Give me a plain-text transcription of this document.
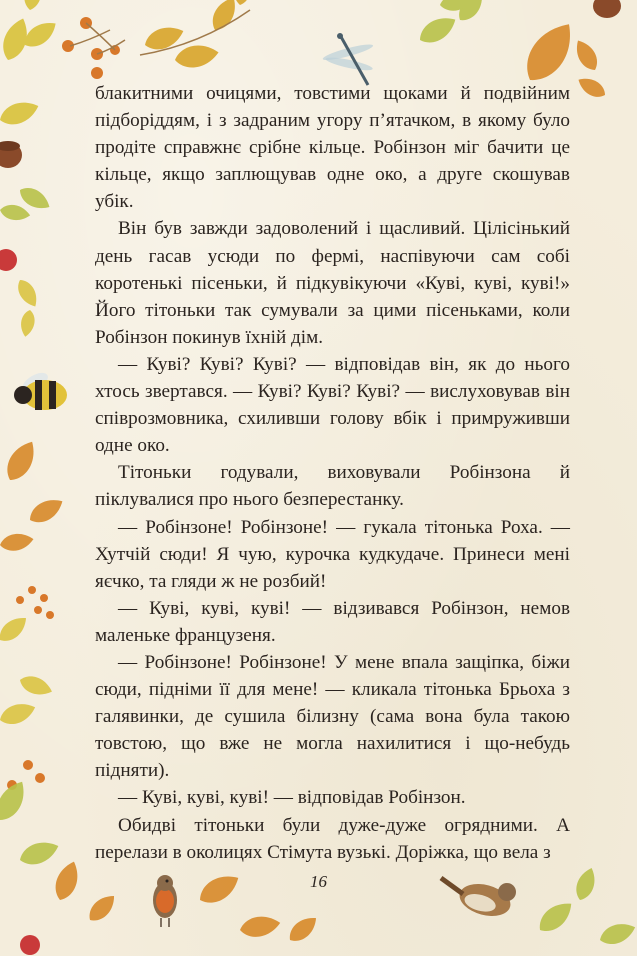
блакитними очицями, товстими щоками й подвійним підборіддям, і з задраним угору п’ятачком, в якому було продіте справжнє срібне кільце. Робінзон міг бачити це кільце, якщо заплющував одне око, а друге скошував убік.

Він був завжди задоволений і щасливий. Цілісінький день гасав усюди по фермі, наспівуючи сам собі коротенькі пісеньки, й підкувікуючи «Куві, куві, куві!» Його тітоньки так сумували за цими пісеньками, коли Робінзон покинув їхній дім.

— Куві? Куві? Куві? — відповідав він, як до нього хтось звертався. — Куві? Куві? Куві? — вислуховував він співрозмовника, схиливши голову вбік і примруживши одне око.

Тітоньки годували, виховували Робінзона й піклувалися про нього безперестанку.

— Робінзоне! Робінзоне! — гукала тітонька Роха. — Хутчій сюди! Я чую, курочка кудкудаче. Принеси мені яєчко, та гляди ж не розбий!

— Куві, куві, куві! — відзивався Робінзон, немов маленьке французеня.

— Робінзоне! Робінзоне! У мене впала защіпка, біжи сюди, підніми її для мене! — кликала тітонька Брьоха з галявинки, де сушила білизну (сама вона була такою товстою, що вже не могла нахилитися і що-небудь підняти).

— Куві, куві, куві! — відповідав Робінзон.

Обидві тітоньки були дуже-дуже огрядними. А перелази в околицях Стімута вузькі. Доріжка, що вела з

16
